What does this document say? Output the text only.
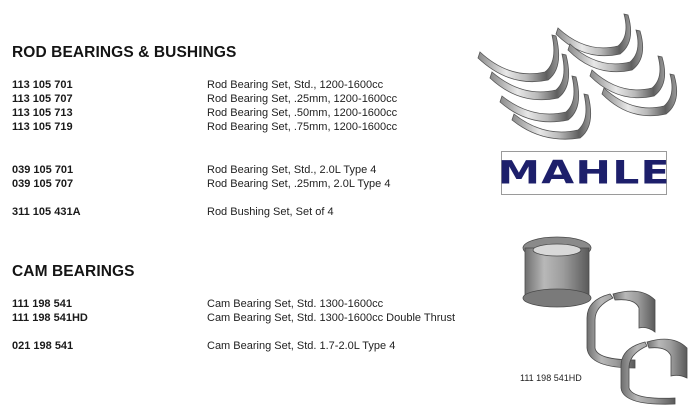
ROD BEARINGS & BUSHINGS
113 105 701	Rod Bearing Set, Std., 1200-1600cc
113 105 707	Rod Bearing Set, .25mm, 1200-1600cc
113 105 713	Rod Bearing Set, .50mm, 1200-1600cc
113 105 719	Rod Bearing Set, .75mm, 1200-1600cc
039 105 701	Rod Bearing Set, Std., 2.0L Type 4
039 105 707	Rod Bearing Set, .25mm, 2.0L Type 4
311 105 431A	Rod Bushing Set, Set of 4
CAM BEARINGS
111 198 541	Cam Bearing Set, Std. 1300-1600cc
111 198 541HD	Cam Bearing Set, Std. 1300-1600cc Double Thrust
021 198 541	Cam Bearing Set, Std. 1.7-2.0L Type 4
MAHLE
111 198 541HD
